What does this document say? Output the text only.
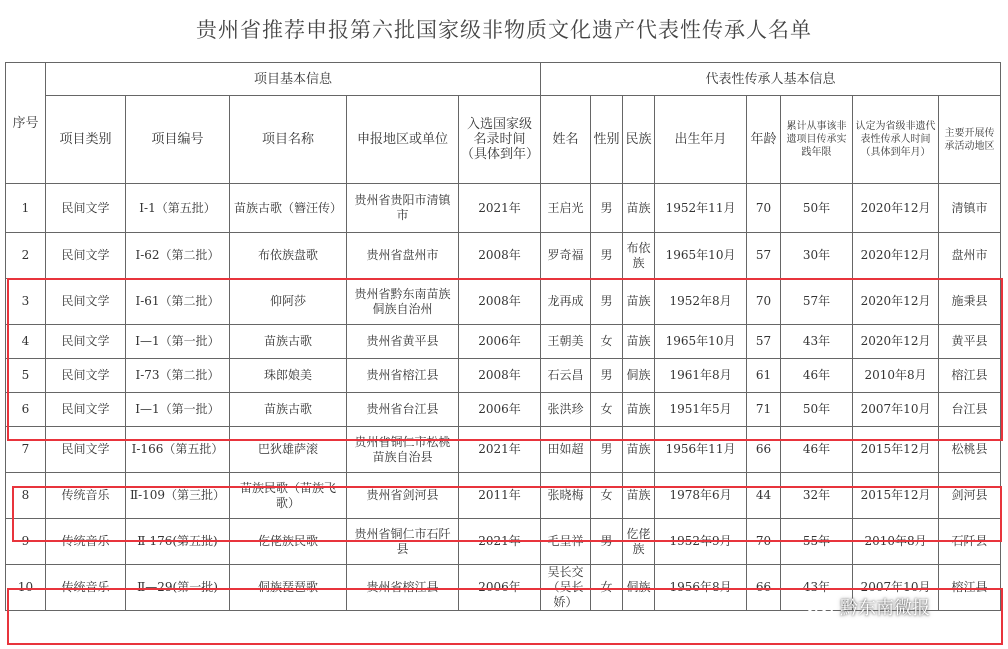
贵州省推荐申报第六批国家级非物质文化遗产代表性传承人名单
序号	项目基本信息					代表性传承人基本信息							
	项目类别	项目编号	项目名称	申报地区或单位	入选国家级名录时间（具体到年）	姓名	性别	民族	出生年月	年龄	累计从事该非遗项目传承实践年限	认定为省级非遗代表性传承人时间（具体到年月）	主要开展传承活动地区
1	民间文学	Ⅰ-1（第五批）	苗族古歌（簪汪传）	贵州省贵阳市清镇市	2021年	王启光	男	苗族	1952年11月	70	50年	2020年12月	清镇市
2	民间文学	Ⅰ-62（第二批）	布依族盘歌	贵州省盘州市	2008年	罗奇福	男	布依族	1965年10月	57	30年	2020年12月	盘州市
3	民间文学	Ⅰ-61（第二批）	仰阿莎	贵州省黔东南苗族侗族自治州	2008年	龙再成	男	苗族	1952年8月	70	57年	2020年12月	施秉县
4	民间文学	Ⅰ—1（第一批）	苗族古歌	贵州省黄平县	2006年	王朝美	女	苗族	1965年10月	57	43年	2020年12月	黄平县
5	民间文学	Ⅰ-73（第二批）	珠郎娘美	贵州省榕江县	2008年	石云昌	男	侗族	1961年8月	61	46年	2010年8月	榕江县
6	民间文学	Ⅰ—1（第一批）	苗族古歌	贵州省台江县	2006年	张洪珍	女	苗族	1951年5月	71	50年	2007年10月	台江县
7	民间文学	Ⅰ-166（第五批）	巴狄雄萨滚	贵州省铜仁市松桃苗族自治县	2021年	田如超	男	苗族	1956年11月	66	46年	2015年12月	松桃县
8	传统音乐	Ⅱ-109（第三批）	苗族民歌（苗族飞歌）	贵州省剑河县	2011年	张晓梅	女	苗族	1978年6月	44	32年	2015年12月	剑河县
9	传统音乐	Ⅱ-176(第五批)	仡佬族民歌	贵州省铜仁市石阡县	2021年	毛呈祥	男	仡佬族	1952年9月	70	55年	2010年8月	石阡县
10	传统音乐	Ⅱ—29(第一批)	侗族琵琶歌	贵州省榕江县	2006年	吴长交（吴长娇）	女	侗族	1956年8月	66	43年	2007年10月	榕江县
黔东南微报
